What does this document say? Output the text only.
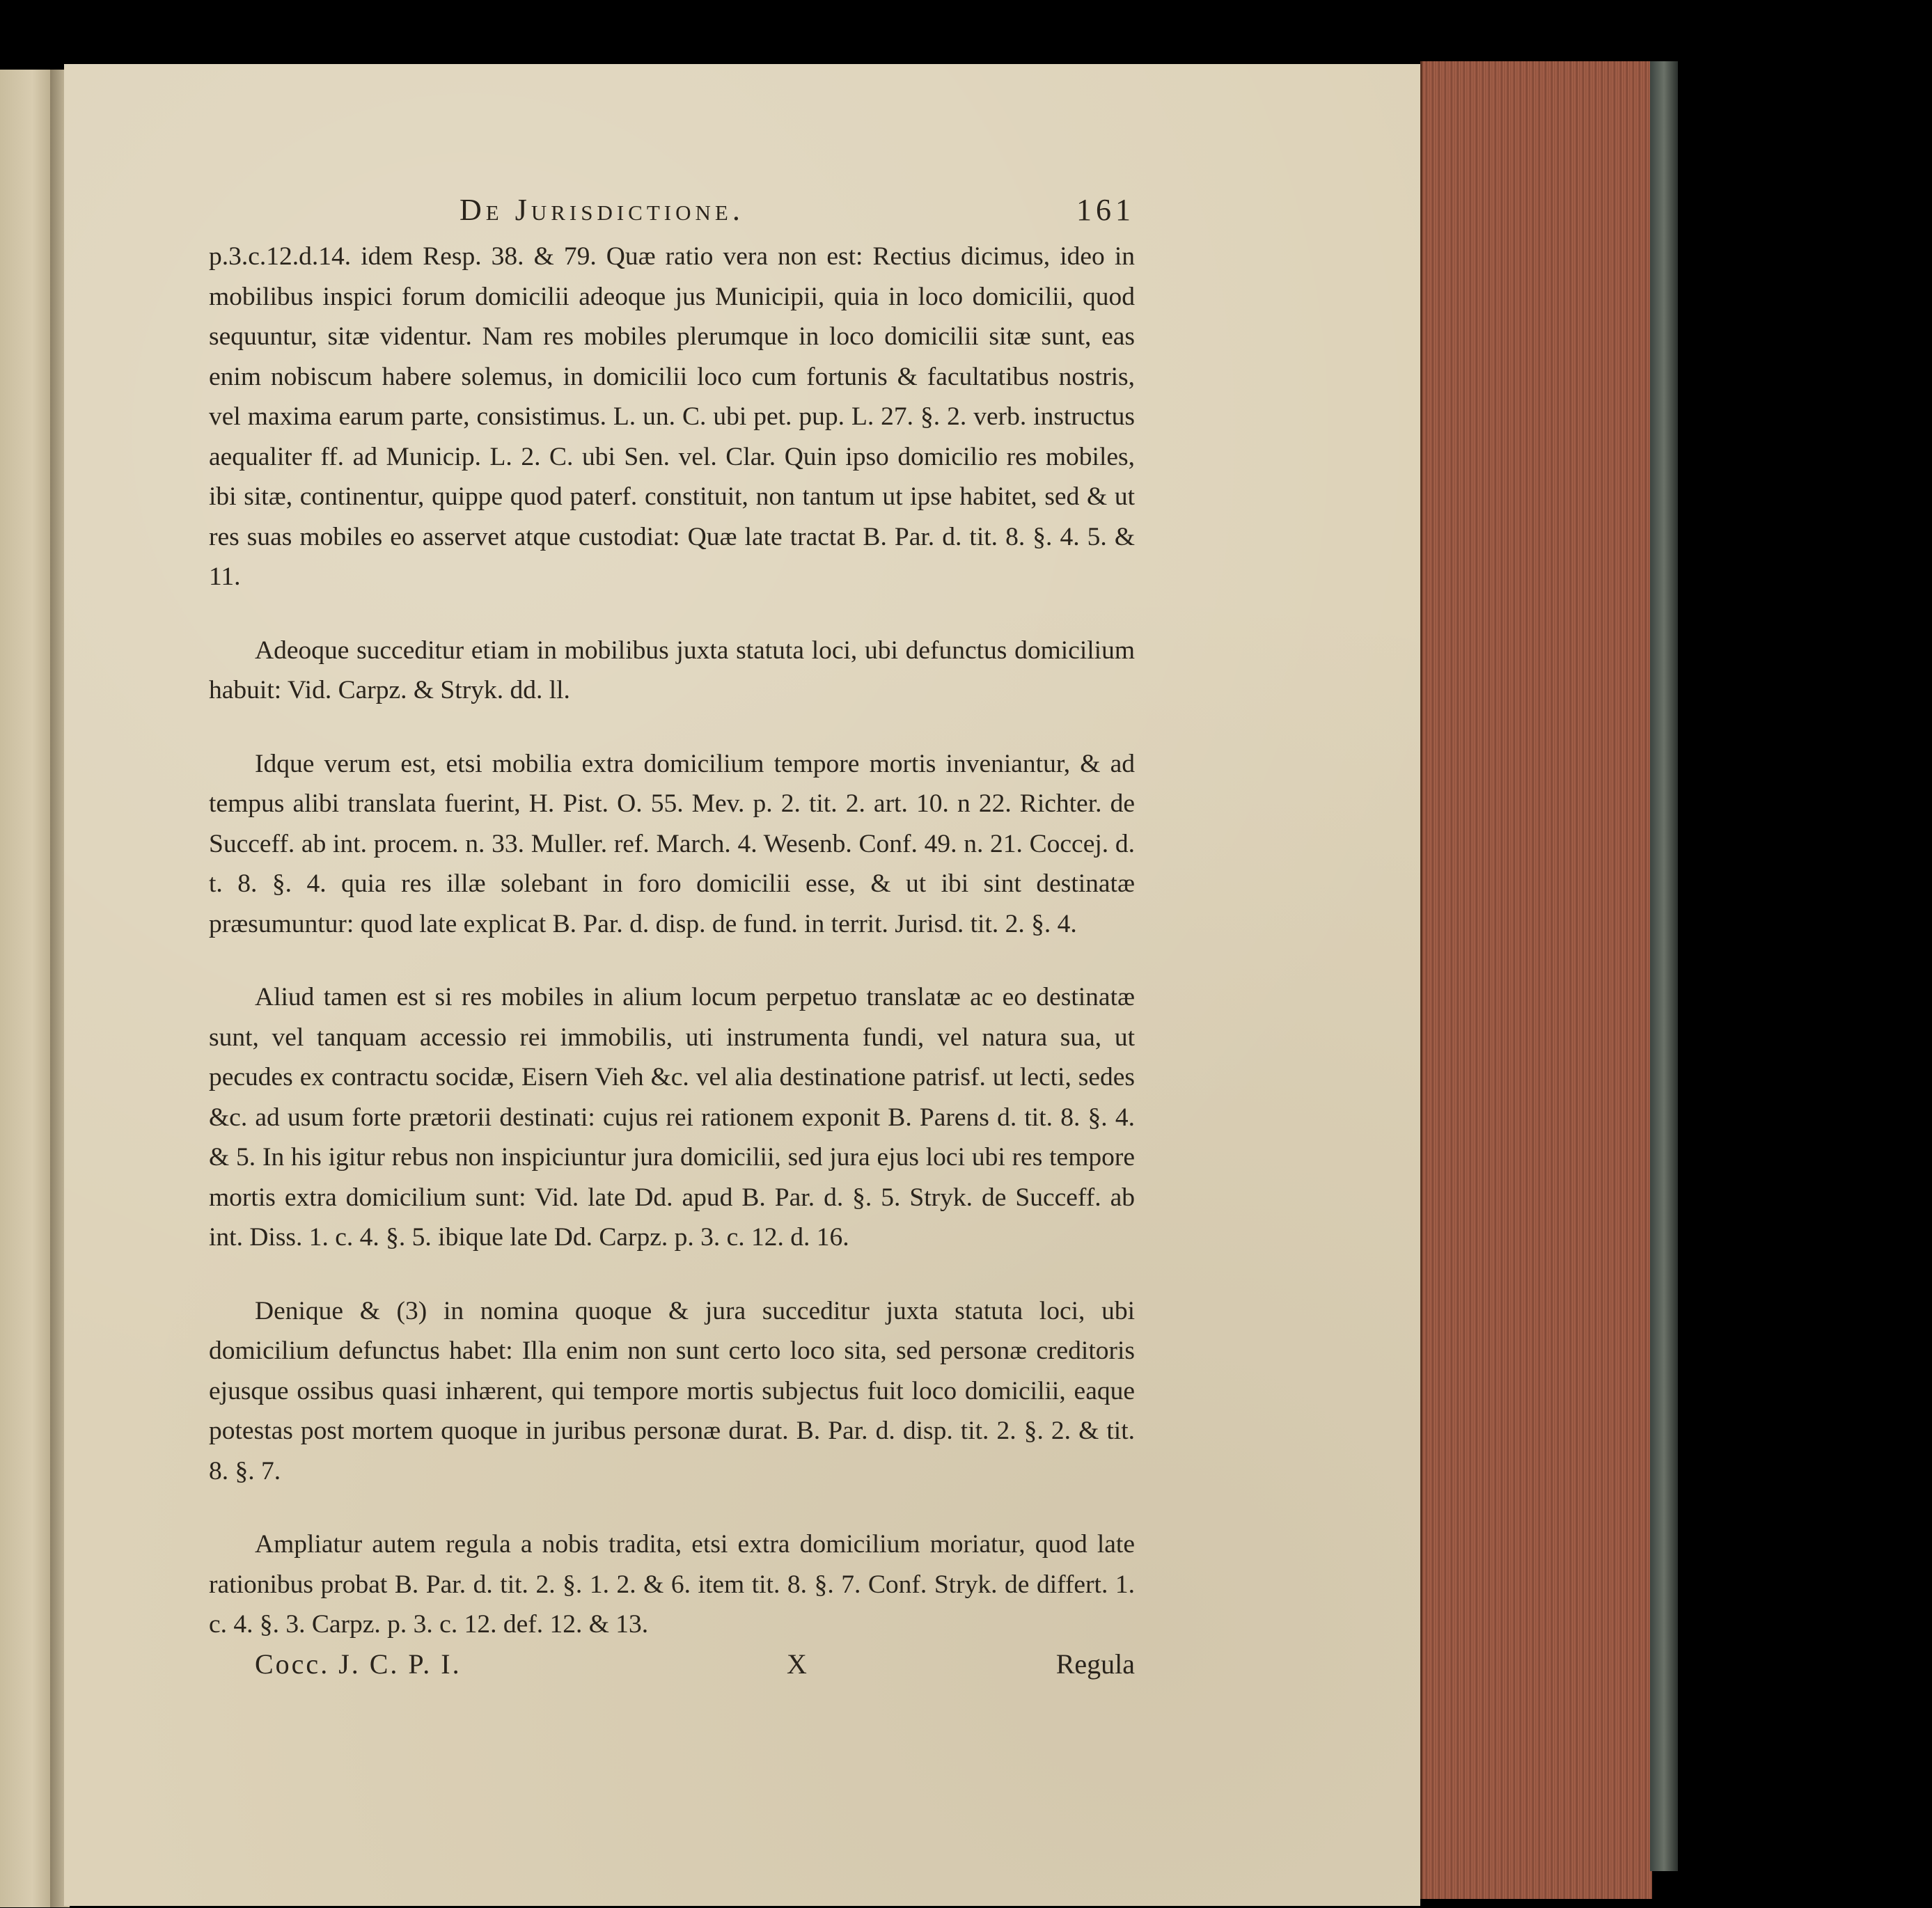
De Jurisdictione.	161

p.3.c.12.d.14. idem Resp. 38. & 79. Quæ ratio vera non est: Rectius dicimus, ideo in mobilibus inspici forum domicilii adeoque jus Municipii, quia in loco domicilii, quod sequuntur, sitæ videntur. Nam res mobiles plerumque in loco domicilii sitæ sunt, eas enim nobiscum habere solemus, in domicilii loco cum fortunis & facultatibus nostris, vel maxima earum parte, consistimus. L. un. C. ubi pet. pup. L. 27. §. 2. verb. instructus aequaliter ff. ad Municip. L. 2. C. ubi Sen. vel. Clar. Quin ipso domicilio res mobiles, ibi sitæ, continentur, quippe quod paterf. constituit, non tantum ut ipse habitet, sed & ut res suas mobiles eo asservet atque custodiat: Quæ late tractat B. Par. d. tit. 8. §. 4. 5. & 11.

Adeoque succeditur etiam in mobilibus juxta statuta loci, ubi defunctus domicilium habuit: Vid. Carpz. & Stryk. dd. ll.

Idque verum est, etsi mobilia extra domicilium tempore mortis inveniantur, & ad tempus alibi translata fuerint, H. Pist. O. 55. Mev. p. 2. tit. 2. art. 10. n 22. Richter. de Succeff. ab int. procem. n. 33. Muller. ref. March. 4. Wesenb. Conf. 49. n. 21. Coccej. d. t. 8. §. 4. quia res illæ solebant in foro domicilii esse, & ut ibi sint destinatæ præsumuntur: quod late explicat B. Par. d. disp. de fund. in territ. Jurisd. tit. 2. §. 4.

Aliud tamen est si res mobiles in alium locum perpetuo translatæ ac eo destinatæ sunt, vel tanquam accessio rei immobilis, uti instrumenta fundi, vel natura sua, ut pecudes ex contractu socidæ, Eisern Vieh &c. vel alia destinatione patrisf. ut lecti, sedes &c. ad usum forte prætorii destinati: cujus rei rationem exponit B. Parens d. tit. 8. §. 4. & 5. In his igitur rebus non inspiciuntur jura domicilii, sed jura ejus loci ubi res tempore mortis extra domicilium sunt: Vid. late Dd. apud B. Par. d. §. 5. Stryk. de Succeff. ab int. Diss. 1. c. 4. §. 5. ibique late Dd. Carpz. p. 3. c. 12. d. 16.

Denique & (3) in nomina quoque & jura succeditur juxta statuta loci, ubi domicilium defunctus habet: Illa enim non sunt certo loco sita, sed personæ creditoris ejusque ossibus quasi inhærent, qui tempore mortis subjectus fuit loco domicilii, eaque potestas post mortem quoque in juribus personæ durat. B. Par. d. disp. tit. 2. §. 2. & tit. 8. §. 7.

Ampliatur autem regula a nobis tradita, etsi extra domicilium moriatur, quod late rationibus probat B. Par. d. tit. 2. §. 1. 2. & 6. item tit. 8. §. 7. Conf. Stryk. de differt. 1. c. 4. §. 3. Carpz. p. 3. c. 12. def. 12. & 13.

Cocc. J. C. P. I.	X	Regula
